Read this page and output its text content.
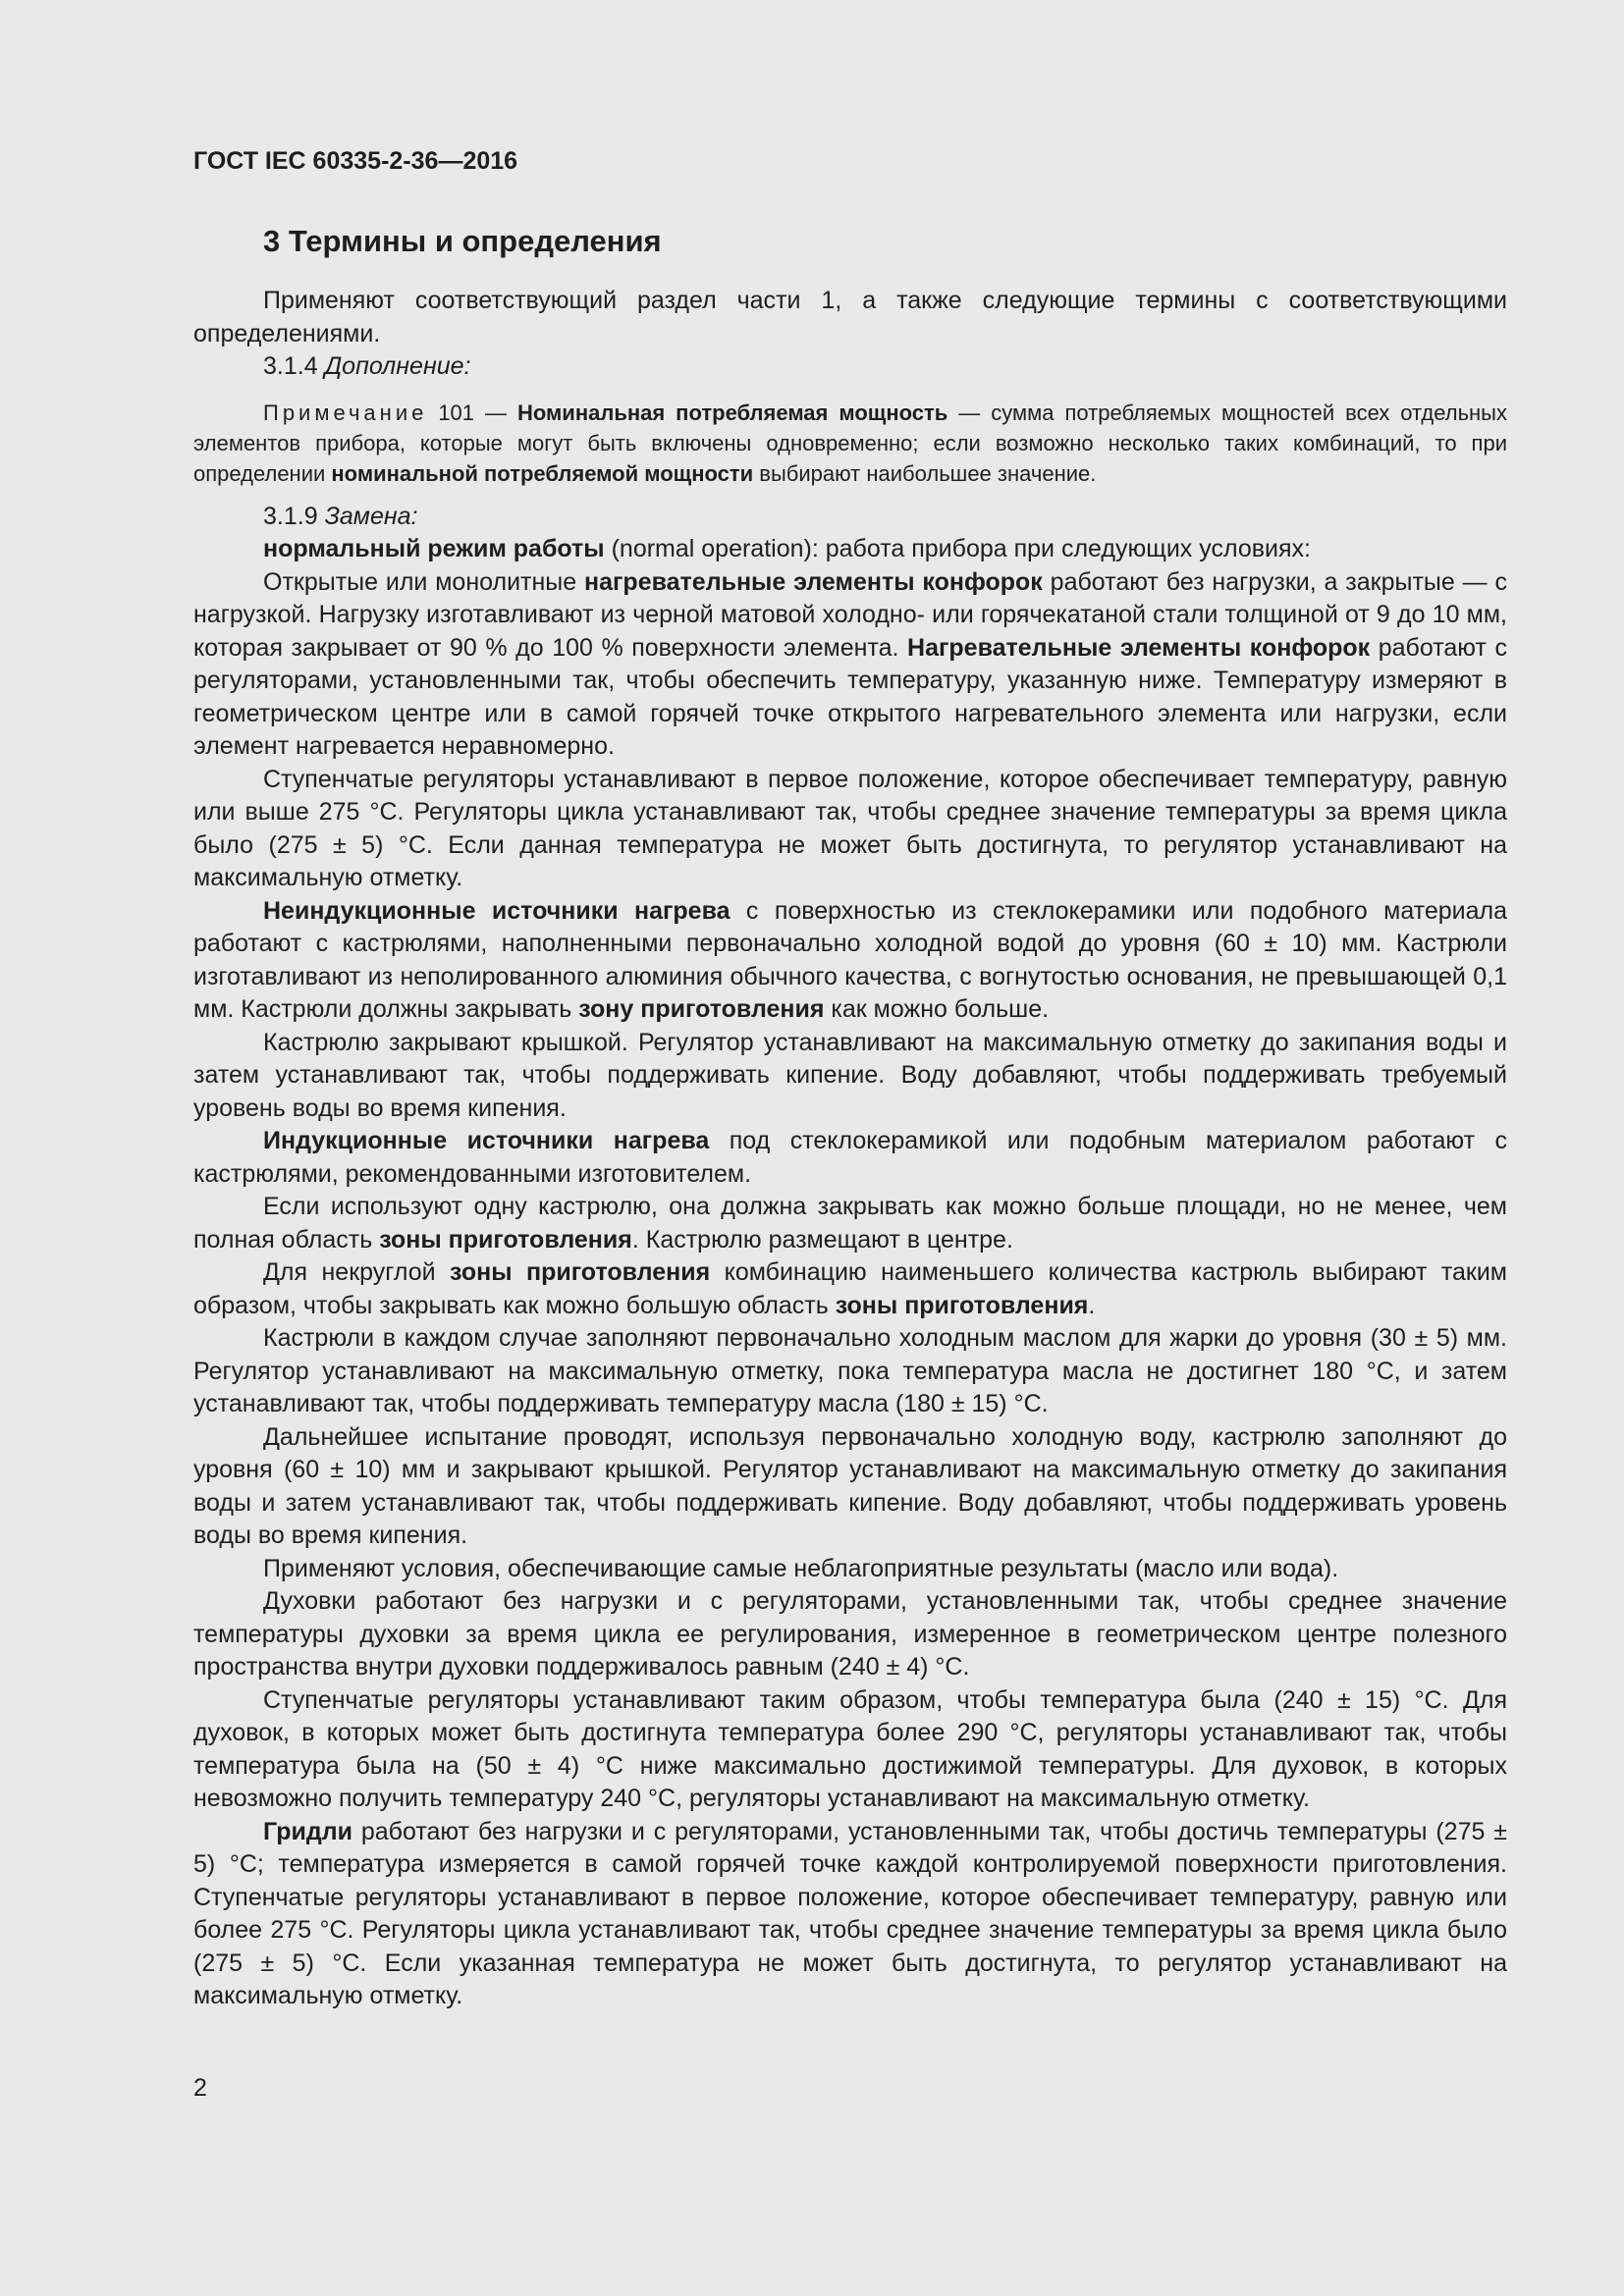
ГОСТ IEC 60335-2-36—2016
3 Термины и определения

Применяют соответствующий раздел части 1, а также следующие термины с соответствующими определениями.

3.1.4 Дополнение:

Примечание 101 — Номинальная потребляемая мощность — сумма потребляемых мощностей всех отдельных элементов прибора, которые могут быть включены одновременно; если возможно несколько таких комбинаций, то при определении номинальной потребляемой мощности выбирают наибольшее значение.

3.1.9 Замена:

нормальный режим работы (normal operation): работа прибора при следующих условиях:

Открытые или монолитные нагревательные элементы конфорок работают без нагрузки, а закрытые — с нагрузкой. Нагрузку изготавливают из черной матовой холодно- или горячекатаной стали толщиной от 9 до 10 мм, которая закрывает от 90 % до 100 % поверхности элемента. Нагревательные элементы конфорок работают с регуляторами, установленными так, чтобы обеспечить температуру, указанную ниже. Температуру измеряют в геометрическом центре или в самой горячей точке открытого нагревательного элемента или нагрузки, если элемент нагревается неравномерно.

Ступенчатые регуляторы устанавливают в первое положение, которое обеспечивает температуру, равную или выше 275 °С. Регуляторы цикла устанавливают так, чтобы среднее значение температуры за время цикла было (275 ± 5) °С. Если данная температура не может быть достигнута, то регулятор устанавливают на максимальную отметку.

Неиндукционные источники нагрева с поверхностью из стеклокерамики или подобного материала работают с кастрюлями, наполненными первоначально холодной водой до уровня (60 ± 10) мм. Кастрюли изготавливают из неполированного алюминия обычного качества, с вогнутостью основания, не превышающей 0,1 мм. Кастрюли должны закрывать зону приготовления как можно больше.

Кастрюлю закрывают крышкой. Регулятор устанавливают на максимальную отметку до закипания воды и затем устанавливают так, чтобы поддерживать кипение. Воду добавляют, чтобы поддерживать требуемый уровень воды во время кипения.

Индукционные источники нагрева под стеклокерамикой или подобным материалом работают с кастрюлями, рекомендованными изготовителем.

Если используют одну кастрюлю, она должна закрывать как можно больше площади, но не менее, чем полная область зоны приготовления. Кастрюлю размещают в центре.

Для некруглой зоны приготовления комбинацию наименьшего количества кастрюль выбирают таким образом, чтобы закрывать как можно большую область зоны приготовления.

Кастрюли в каждом случае заполняют первоначально холодным маслом для жарки до уровня (30 ± 5) мм. Регулятор устанавливают на максимальную отметку, пока температура масла не достигнет 180 °С, и затем устанавливают так, чтобы поддерживать температуру масла (180 ± 15) °С.

Дальнейшее испытание проводят, используя первоначально холодную воду, кастрюлю заполняют до уровня (60 ± 10) мм и закрывают крышкой. Регулятор устанавливают на максимальную отметку до закипания воды и затем устанавливают так, чтобы поддерживать кипение. Воду добавляют, чтобы поддерживать уровень воды во время кипения.

Применяют условия, обеспечивающие самые неблагоприятные результаты (масло или вода).

Духовки работают без нагрузки и с регуляторами, установленными так, чтобы среднее значение температуры духовки за время цикла ее регулирования, измеренное в геометрическом центре полезного пространства внутри духовки поддерживалось равным (240 ± 4) °С.

Ступенчатые регуляторы устанавливают таким образом, чтобы температура была (240 ± 15) °С. Для духовок, в которых может быть достигнута температура более 290 °С, регуляторы устанавливают так, чтобы температура была на (50 ± 4) °С ниже максимально достижимой температуры. Для духовок, в которых невозможно получить температуру 240 °С, регуляторы устанавливают на максимальную отметку.

Гридли работают без нагрузки и с регуляторами, установленными так, чтобы достичь температуры (275 ± 5) °С; температура измеряется в самой горячей точке каждой контролируемой поверхности приготовления. Ступенчатые регуляторы устанавливают в первое положение, которое обеспечивает температуру, равную или более 275 °С. Регуляторы цикла устанавливают так, чтобы среднее значение температуры за время цикла было (275 ± 5) °С. Если указанная температура не может быть достигнута, то регулятор устанавливают на максимальную отметку.

2
